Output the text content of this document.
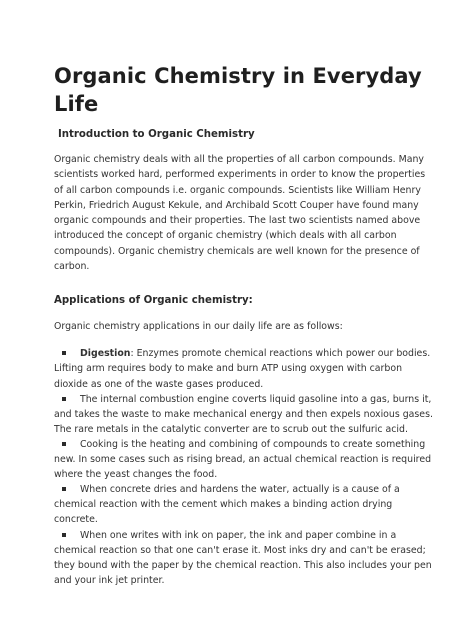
Organic Chemistry in Everyday Life
Introduction to Organic Chemistry

Organic chemistry deals with all the properties of all carbon compounds. Many scientists worked hard, performed experiments in order to know the properties of all carbon compounds i.e. organic compounds. Scientists like William Henry Perkin, Friedrich August Kekule, and Archibald Scott Couper have found many organic compounds and their properties. The last two scientists named above introduced the concept of organic chemistry (which deals with all carbon compounds). Organic chemistry chemicals are well known for the presence of carbon.

Applications of Organic chemistry:

Organic chemistry applications in our daily life are as follows:

Digestion: Enzymes promote chemical reactions which power our bodies. Lifting arm requires body to make and burn ATP using oxygen with carbon dioxide as one of the waste gases produced.
The internal combustion engine coverts liquid gasoline into a gas, burns it, and takes the waste to make mechanical energy and then expels noxious gases. The rare metals in the catalytic converter are to scrub out the sulfuric acid.
Cooking is the heating and combining of compounds to create something new. In some cases such as rising bread, an actual chemical reaction is required where the yeast changes the food.
When concrete dries and hardens the water, actually is a cause of a chemical reaction with the cement which makes a binding action drying concrete.
When one writes with ink on paper, the ink and paper combine in a chemical reaction so that one can't erase it. Most inks dry and can't be erased; they bound with the paper by the chemical reaction. This also includes your pen and your ink jet printer.
